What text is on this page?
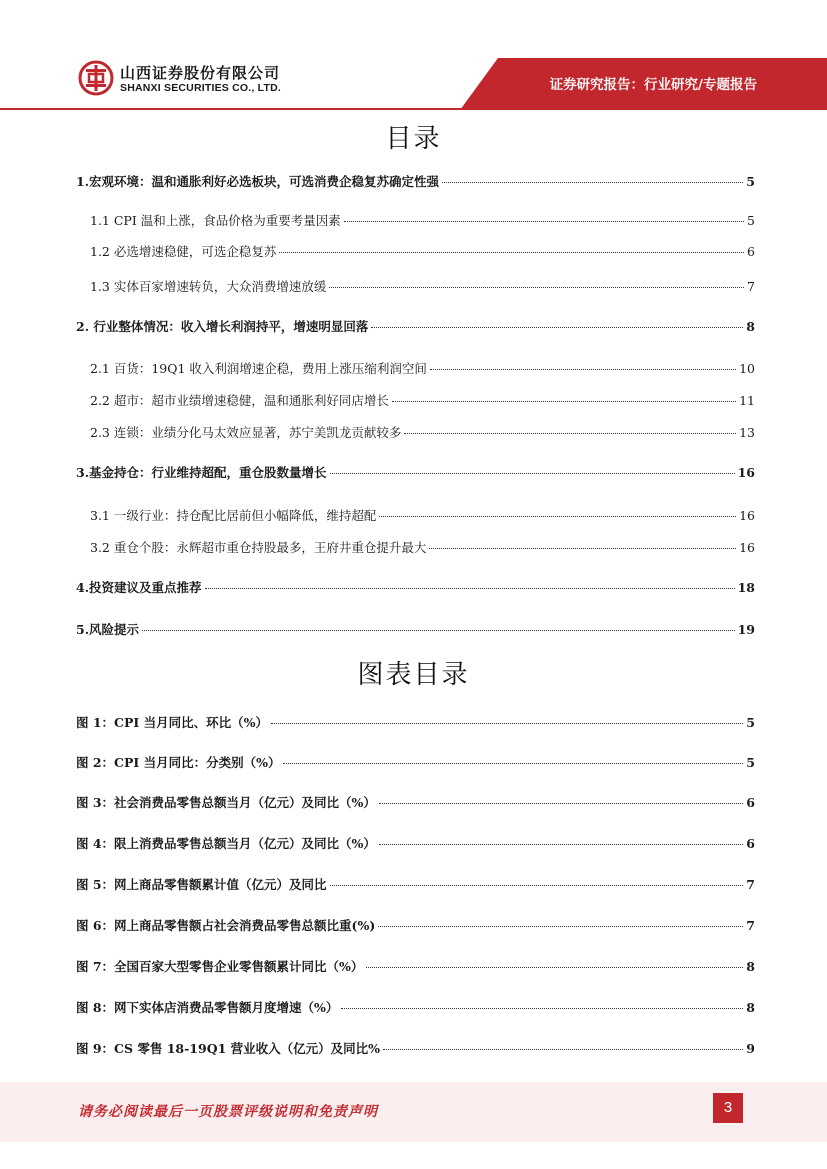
山西证券股份有限公司
SHANXI SECURITIES CO., LTD.	证券研究报告：行业研究/专题报告
目录
1.宏观环境：温和通胀利好必选板块，可选消费企稳复苏确定性强	5
1.1 CPI 温和上涨，食品价格为重要考量因素	5
1.2 必选增速稳健，可选企稳复苏	6
1.3 实体百家增速转负，大众消费增速放缓	7
2. 行业整体情况：收入增长利润持平，增速明显回落	8
2.1 百货：19Q1 收入利润增速企稳，费用上涨压缩利润空间	10
2.2 超市：超市业绩增速稳健，温和通胀利好同店增长	11
2.3 连锁：业绩分化马太效应显著，苏宁美凯龙贡献较多	13
3.基金持仓：行业维持超配，重仓股数量增长	16
3.1 一级行业：持仓配比居前但小幅降低，维持超配	16
3.2 重仓个股：永辉超市重仓持股最多，王府井重仓提升最大	16
4.投资建议及重点推荐	18
5.风险提示	19
图表目录
图 1：CPI 当月同比、环比（%）	5
图 2：CPI 当月同比：分类别（%）	5
图 3：社会消费品零售总额当月（亿元）及同比（%）	6
图 4：限上消费品零售总额当月（亿元）及同比（%）	6
图 5：网上商品零售额累计值（亿元）及同比	7
图 6：网上商品零售额占社会消费品零售总额比重(%)	7
图 7：全国百家大型零售企业零售额累计同比（%）	8
图 8：网下实体店消费品零售额月度增速（%）	8
图 9：CS 零售 18-19Q1 营业收入（亿元）及同比%	9
请务必阅读最后一页股票评级说明和免责声明	3
